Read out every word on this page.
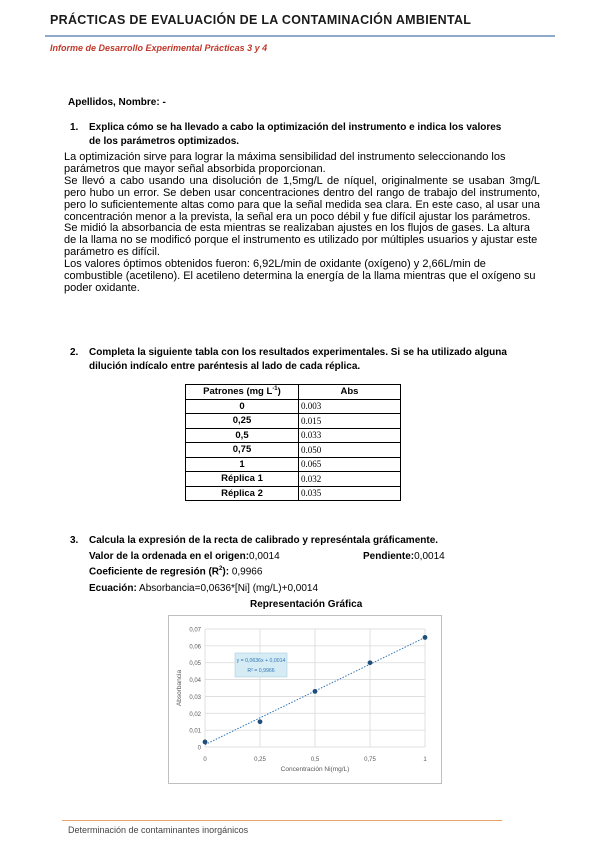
PRÁCTICAS DE EVALUACIÓN DE LA CONTAMINACIÓN AMBIENTAL
Informe de Desarrollo Experimental Prácticas 3 y 4
Apellidos, Nombre: -
1. Explica cómo se ha llevado a cabo la optimización del instrumento e indica los valores
de los parámetros optimizados.

La optimización sirve para lograr la máxima sensibilidad del instrumento seleccionando los parámetros que mayor señal absorbida proporcionan.

Se llevó a cabo usando una disolución de 1,5mg/L de níquel, originalmente se usaban 3mg/L pero hubo un error. Se deben usar concentraciones dentro del rango de trabajo del instrumento, pero lo suficientemente altas como para que la señal medida sea clara. En este caso, al usar una concentración menor a la prevista, la señal era un poco débil y fue difícil ajustar los parámetros.

Se midió la absorbancia de esta mientras se realizaban ajustes en los flujos de gases. La altura de la llama no se modificó porque el instrumento es utilizado por múltiples usuarios y ajustar este parámetro es difícil.

Los valores óptimos obtenidos fueron: 6,92L/min de oxidante (oxígeno) y 2,66L/min de combustible (acetileno). El acetileno determina la energía de la llama mientras que el oxígeno su poder oxidante.

2. Completa la siguiente tabla con los resultados experimentales. Si se ha utilizado alguna
dilución indícalo entre paréntesis al lado de cada réplica.
Patrones (mg $L^{-1}$)	Abs
0	0.003
0,25	0.015
0,5	0.033
0,75	0.050
1	0.065
Réplica 1	0.032
Réplica 2	0.035
3. Calcula la expresión de la recta de calibrado y represéntala gráficamente.
Valor de la ordenada en el origen:0,0014	Pendiente:0,0014
Coeficiente de regresión $(R^2)$: 0,9966
Ecuación: Absorbancia=0,0636*[Ni] (mg/L)+0,0014
Representación Gráfica
0
0,01
0,02
0,03
0,04
0,05
0,06
0,07
0	0,25	0,5	0,75	1
y = 0,0636x + 0,0014
R² = 0,9966
Concentración Ni(mg/L)
Absorbancia
Determinación de contaminantes inorgánicos
